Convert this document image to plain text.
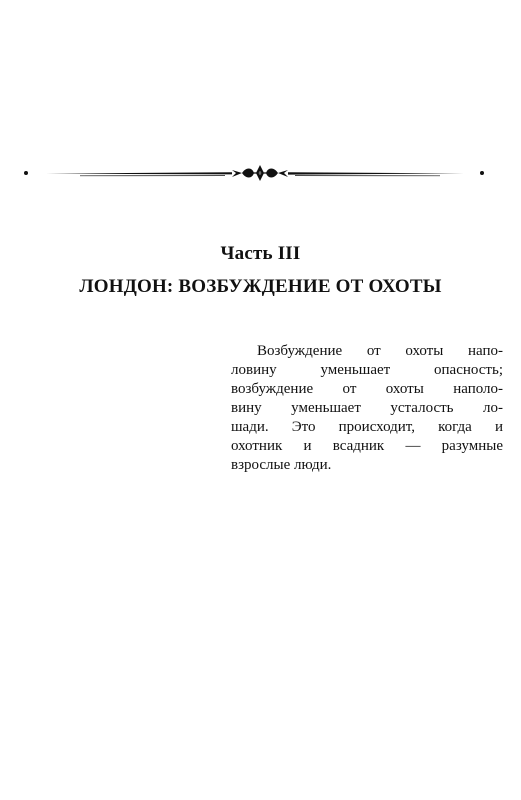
Часть III
ЛОНДОН: ВОЗБУЖДЕНИЕ ОТ ОХОТЫ
Возбуждение от охоты напо-
ловину уменьшает опасность;
возбуждение от охоты наполо-
вину уменьшает усталость ло-
шади. Это происходит, когда и
охотник и всадник — разумные
взрослые люди.
